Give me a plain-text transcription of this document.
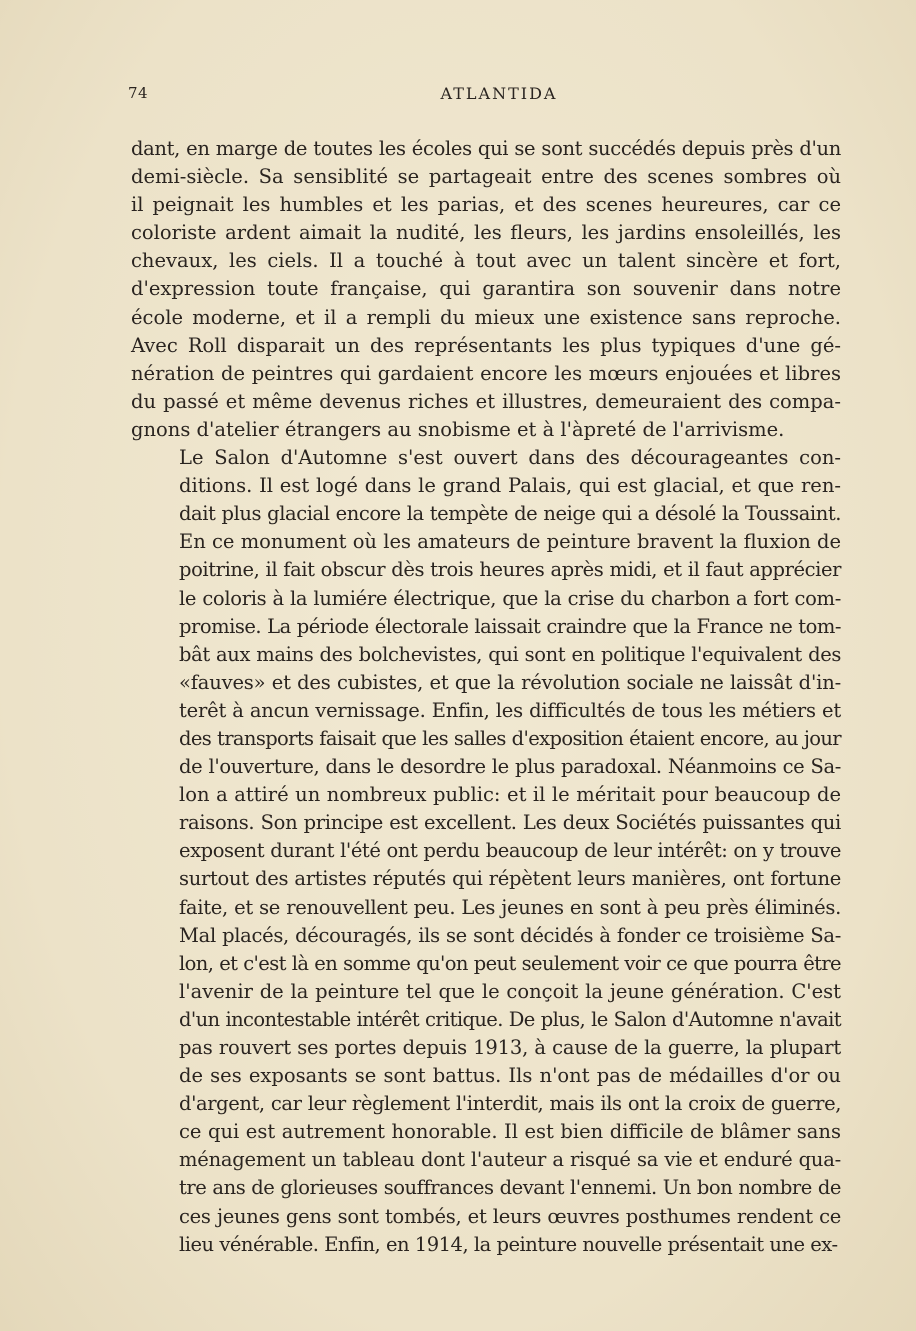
74	ATLANTIDA

dant, en marge de toutes les écoles qui se sont succédés depuis près d'un
demi-siècle. Sa sensiblité se partageait entre des scenes sombres où
il peignait les humbles et les parias, et des scenes heureures, car ce
coloriste ardent aimait la nudité, les fleurs, les jardins ensoleillés, les
chevaux, les ciels. Il a touché à tout avec un talent sincère et fort,
d'expression toute française, qui garantira son souvenir dans notre
école moderne, et il a rempli du mieux une existence sans reproche.
Avec Roll disparait un des représentants les plus typiques d'une gé-
nération de peintres qui gardaient encore les mœurs enjouées et libres
du passé et même devenus riches et illustres, demeuraient des compa-
gnons d'atelier étrangers au snobisme et à l'àpreté de l'arrivisme.

Le Salon d'Automne s'est ouvert dans des décourageantes con-
ditions. Il est logé dans le grand Palais, qui est glacial, et que ren-
dait plus glacial encore la tempète de neige qui a désolé la Toussaint.
En ce monument où les amateurs de peinture bravent la fluxion de
poitrine, il fait obscur dès trois heures après midi, et il faut apprécier
le coloris à la lumiére électrique, que la crise du charbon a fort com-
promise. La période électorale laissait craindre que la France ne tom-
bât aux mains des bolchevistes, qui sont en politique l'equivalent des
«fauves» et des cubistes, et que la révolution sociale ne laissât d'in-
terêt à ancun vernissage. Enfin, les difficultés de tous les métiers et
des transports faisait que les salles d'exposition étaient encore, au jour
de l'ouverture, dans le desordre le plus paradoxal. Néanmoins ce Sa-
lon a attiré un nombreux public: et il le méritait pour beaucoup de
raisons. Son principe est excellent. Les deux Sociétés puissantes qui
exposent durant l'été ont perdu beaucoup de leur intérêt: on y trouve
surtout des artistes réputés qui répètent leurs manières, ont fortune
faite, et se renouvellent peu. Les jeunes en sont à peu près éliminés.
Mal placés, découragés, ils se sont décidés à fonder ce troisième Sa-
lon, et c'est là en somme qu'on peut seulement voir ce que pourra être
l'avenir de la peinture tel que le conçoit la jeune génération. C'est
d'un incontestable intérêt critique. De plus, le Salon d'Automne n'avait
pas rouvert ses portes depuis 1913, à cause de la guerre, la plupart
de ses exposants se sont battus. Ils n'ont pas de médailles d'or ou
d'argent, car leur règlement l'interdit, mais ils ont la croix de guerre,
ce qui est autrement honorable. Il est bien difficile de blâmer sans
ménagement un tableau dont l'auteur a risqué sa vie et enduré qua-
tre ans de glorieuses souffrances devant l'ennemi. Un bon nombre de
ces jeunes gens sont tombés, et leurs œuvres posthumes rendent ce
lieu vénérable. Enfin, en 1914, la peinture nouvelle présentait une ex-
